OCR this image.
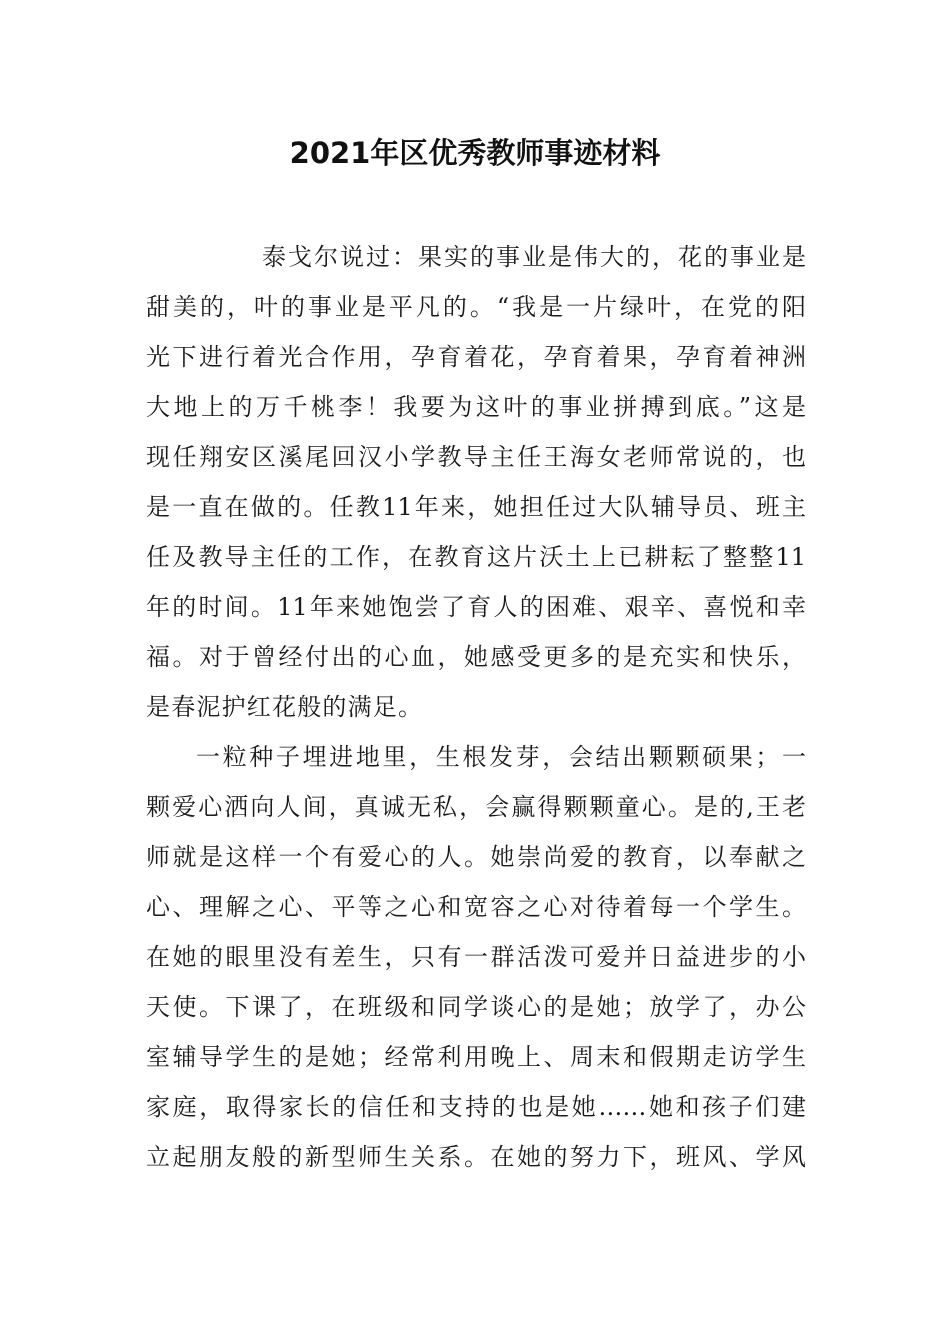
2021年区优秀教师事迹材料
泰戈尔说过：果实的事业是伟大的，花的事业是
甜美的，叶的事业是平凡的。“我是一片绿叶，在党的阳
光下进行着光合作用，孕育着花，孕育着果，孕育着神洲
大地上的万千桃李！我要为这叶的事业拼搏到底。”这是
现任翔安区溪尾回汉小学教导主任王海女老师常说的，也
是一直在做的。任教11年来，她担任过大队辅导员、班主
任及教导主任的工作，在教育这片沃土上已耕耘了整整11
年的时间。11年来她饱尝了育人的困难、艰辛、喜悦和幸
福。对于曾经付出的心血，她感受更多的是充实和快乐，
是春泥护红花般的满足。
一粒种子埋进地里，生根发芽，会结出颗颗硕果；一
颗爱心洒向人间，真诚无私，会赢得颗颗童心。是的,王老
师就是这样一个有爱心的人。她崇尚爱的教育，以奉献之
心、理解之心、平等之心和宽容之心对待着每一个学生。
在她的眼里没有差生，只有一群活泼可爱并日益进步的小
天使。下课了，在班级和同学谈心的是她；放学了，办公
室辅导学生的是她；经常利用晚上、周末和假期走访学生
家庭，取得家长的信任和支持的也是她……她和孩子们建
立起朋友般的新型师生关系。在她的努力下，班风、学风
